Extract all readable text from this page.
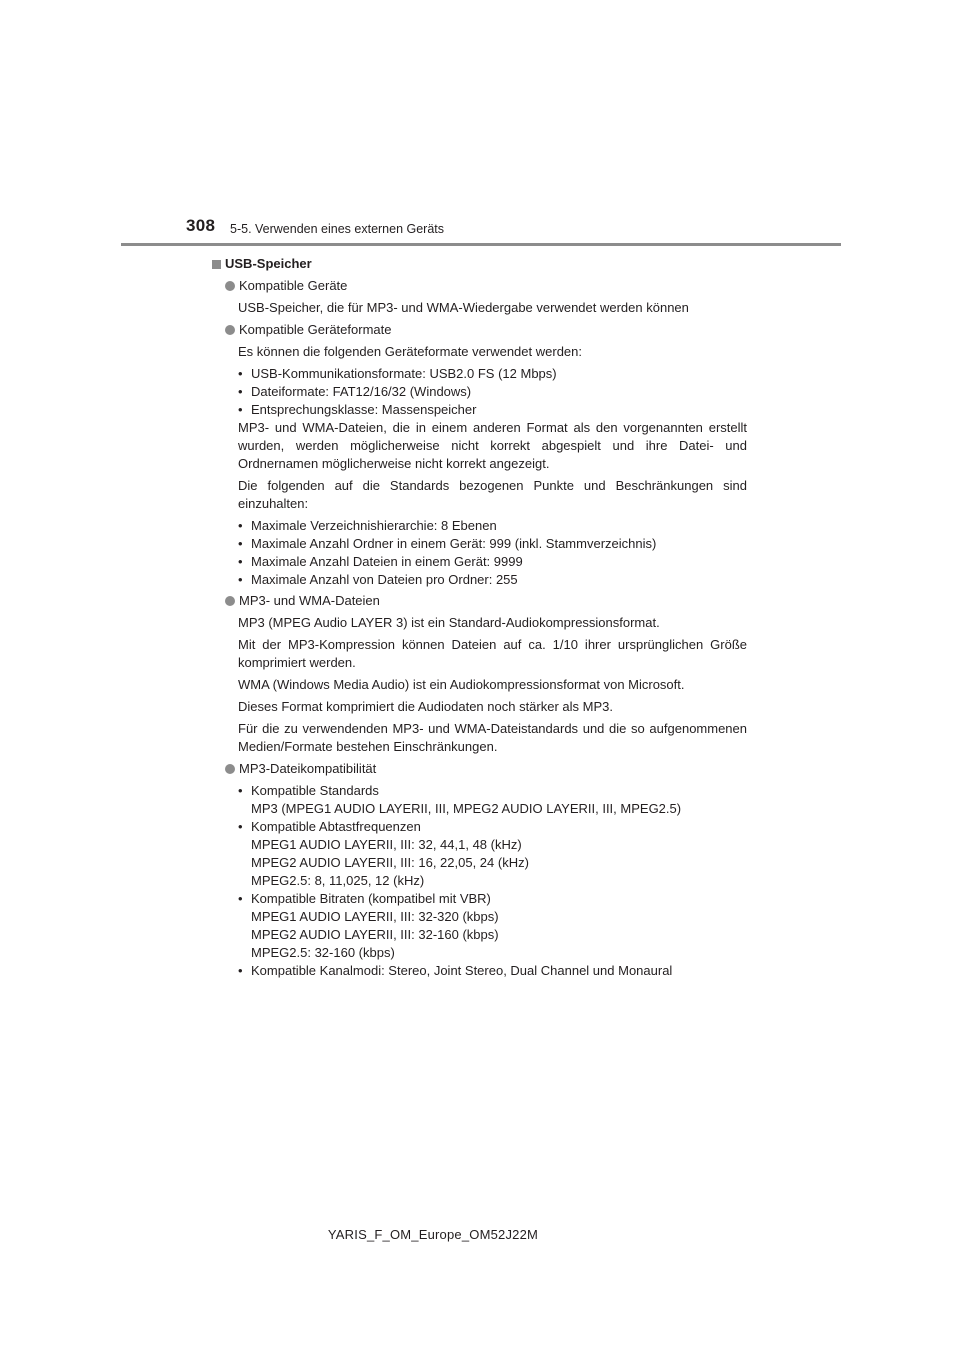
308 5-5. Verwenden eines externen Geräts
USB-Speicher
Kompatible Geräte

USB-Speicher, die für MP3- und WMA-Wiedergabe verwendet werden können

Kompatible Geräteformate

Es können die folgenden Geräteformate verwendet werden:

• USB-Kommunikationsformate: USB2.0 FS (12 Mbps)
• Dateiformate: FAT12/16/32 (Windows)
• Entsprechungsklasse: Massenspeicher

MP3- und WMA-Dateien, die in einem anderen Format als den vorgenannten erstellt wurden, werden möglicherweise nicht korrekt abgespielt und ihre Datei- und Ordnernamen möglicherweise nicht korrekt angezeigt.

Die folgenden auf die Standards bezogenen Punkte und Beschränkungen sind einzuhalten:

• Maximale Verzeichnishierarchie: 8 Ebenen
• Maximale Anzahl Ordner in einem Gerät: 999 (inkl. Stammverzeichnis)
• Maximale Anzahl Dateien in einem Gerät: 9999
• Maximale Anzahl von Dateien pro Ordner: 255
MP3- und WMA-Dateien

MP3 (MPEG Audio LAYER 3) ist ein Standard-Audiokompressionsformat.

Mit der MP3-Kompression können Dateien auf ca. 1/10 ihrer ursprünglichen Größe komprimiert werden.

WMA (Windows Media Audio) ist ein Audiokompressionsformat von Microsoft.

Dieses Format komprimiert die Audiodaten noch stärker als MP3.

Für die zu verwendenden MP3- und WMA-Dateistandards und die so aufgenommenen Medien/Formate bestehen Einschränkungen.

MP3-Dateikompatibilität
• Kompatible Standards
MP3 (MPEG1 AUDIO LAYERII, III, MPEG2 AUDIO LAYERII, III, MPEG2.5)
• Kompatible Abtastfrequenzen
MPEG1 AUDIO LAYERII, III: 32, 44,1, 48 (kHz)
MPEG2 AUDIO LAYERII, III: 16, 22,05, 24 (kHz)
MPEG2.5: 8, 11,025, 12 (kHz)
• Kompatible Bitraten (kompatibel mit VBR)
MPEG1 AUDIO LAYERII, III: 32-320 (kbps)
MPEG2 AUDIO LAYERII, III: 32-160 (kbps)
MPEG2.5: 32-160 (kbps)
• Kompatible Kanalmodi: Stereo, Joint Stereo, Dual Channel und Monaural
YARIS_F_OM_Europe_OM52J22M
